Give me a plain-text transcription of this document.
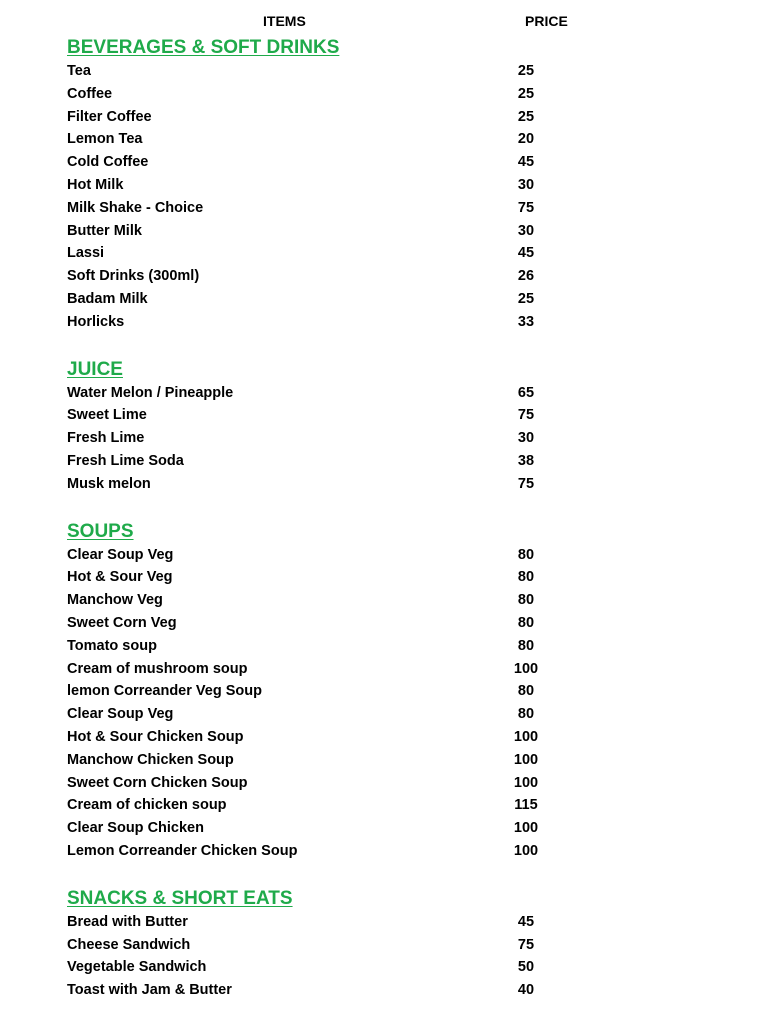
ITEMS	PRICE
BEVERAGES & SOFT DRINKS
Tea	25
Coffee	25
Filter Coffee	25
Lemon Tea	20
Cold Coffee	45
Hot Milk	30
Milk Shake - Choice	75
Butter Milk	30
Lassi	45
Soft Drinks (300ml)	26
Badam Milk	25
Horlicks	33
JUICE
Water Melon / Pineapple	65
Sweet Lime	75
Fresh Lime	30
Fresh Lime Soda	38
Musk melon	75
SOUPS
Clear Soup Veg	80
Hot & Sour Veg	80
Manchow Veg	80
Sweet Corn Veg	80
Tomato soup	80
Cream of mushroom soup	100
lemon Correander Veg Soup	80
Clear Soup Veg	80
Hot & Sour Chicken Soup	100
Manchow Chicken Soup	100
Sweet Corn Chicken Soup	100
Cream of chicken soup	115
Clear Soup Chicken	100
Lemon Correander Chicken Soup	100
SNACKS & SHORT EATS
Bread with Butter	45
Cheese Sandwich	75
Vegetable Sandwich	50
Toast with Jam & Butter	40
